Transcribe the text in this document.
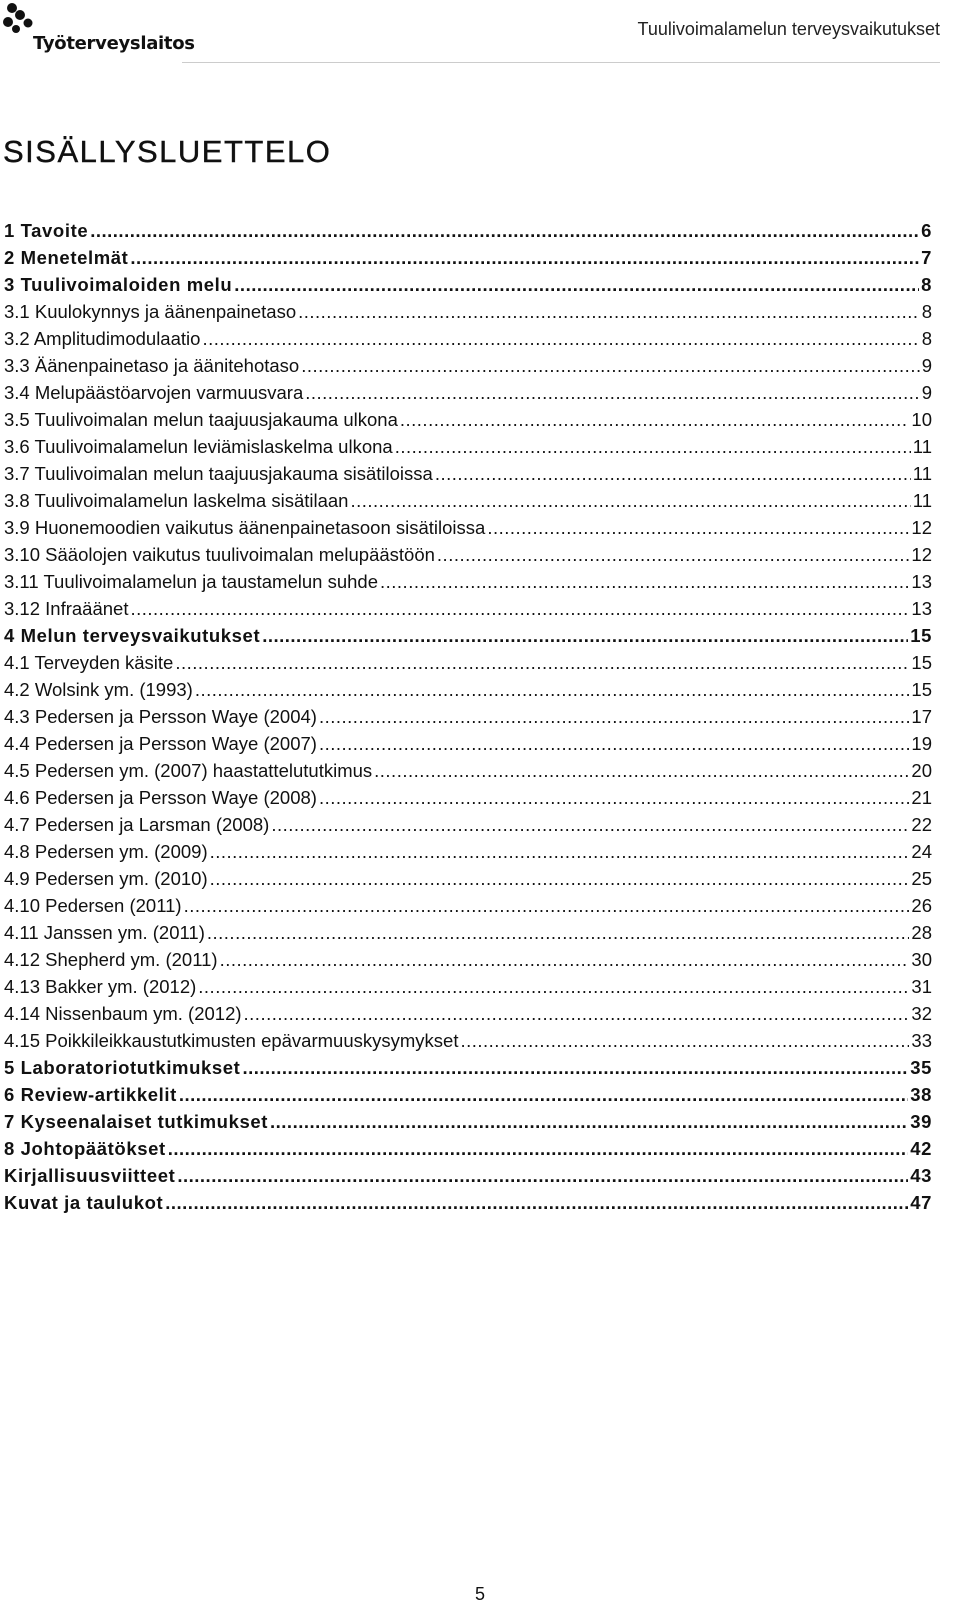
Työterveyslaitos
Tuulivoimalamelun terveysvaikutukset
SISÄLLYSLUETTELO
1 Tavoite .....	6
2 Menetelmät .....	7
3 Tuulivoimaloiden melu .....	8
3.1 Kuulokynnys ja äänenpainetaso .....	8
3.2 Amplitudimodulaatio .....	8
3.3 Äänenpainetaso ja äänitehotaso .....	9
3.4 Melupäästöarvojen varmuusvara .....	9
3.5 Tuulivoimalan melun taajuusjakauma ulkona .....	10
3.6 Tuulivoimalamelun leviämislaskelma ulkona .....	11
3.7 Tuulivoimalan melun taajuusjakauma sisätiloissa .....	11
3.8 Tuulivoimalamelun laskelma sisätilaan .....	11
3.9 Huonemoodien vaikutus äänenpainetasoon sisätiloissa .....	12
3.10 Sääolojen vaikutus tuulivoimalan melupäästöön .....	12
3.11 Tuulivoimalamelun ja taustamelun suhde .....	13
3.12 Infraäänet .....	13
4 Melun terveysvaikutukset .....	15
4.1 Terveyden käsite .....	15
4.2 Wolsink ym. (1993) .....	15
4.3 Pedersen ja Persson Waye (2004) .....	17
4.4 Pedersen ja Persson Waye (2007) .....	19
4.5 Pedersen ym. (2007) haastattelututkimus .....	20
4.6 Pedersen ja Persson Waye (2008) .....	21
4.7 Pedersen ja Larsman (2008) .....	22
4.8 Pedersen ym. (2009) .....	24
4.9 Pedersen ym. (2010) .....	25
4.10 Pedersen (2011) .....	26
4.11 Janssen ym. (2011) .....	28
4.12 Shepherd ym. (2011) .....	30
4.13 Bakker ym. (2012) .....	31
4.14 Nissenbaum ym. (2012) .....	32
4.15 Poikkileikkaustutkimusten epävarmuuskysymykset .....	33
5 Laboratoriotutkimukset .....	35
6 Review-artikkelit .....	38
7 Kyseenalaiset tutkimukset .....	39
8 Johtopäätökset .....	42
Kirjallisuusviitteet .....	43
Kuvat ja taulukot .....	47
5
